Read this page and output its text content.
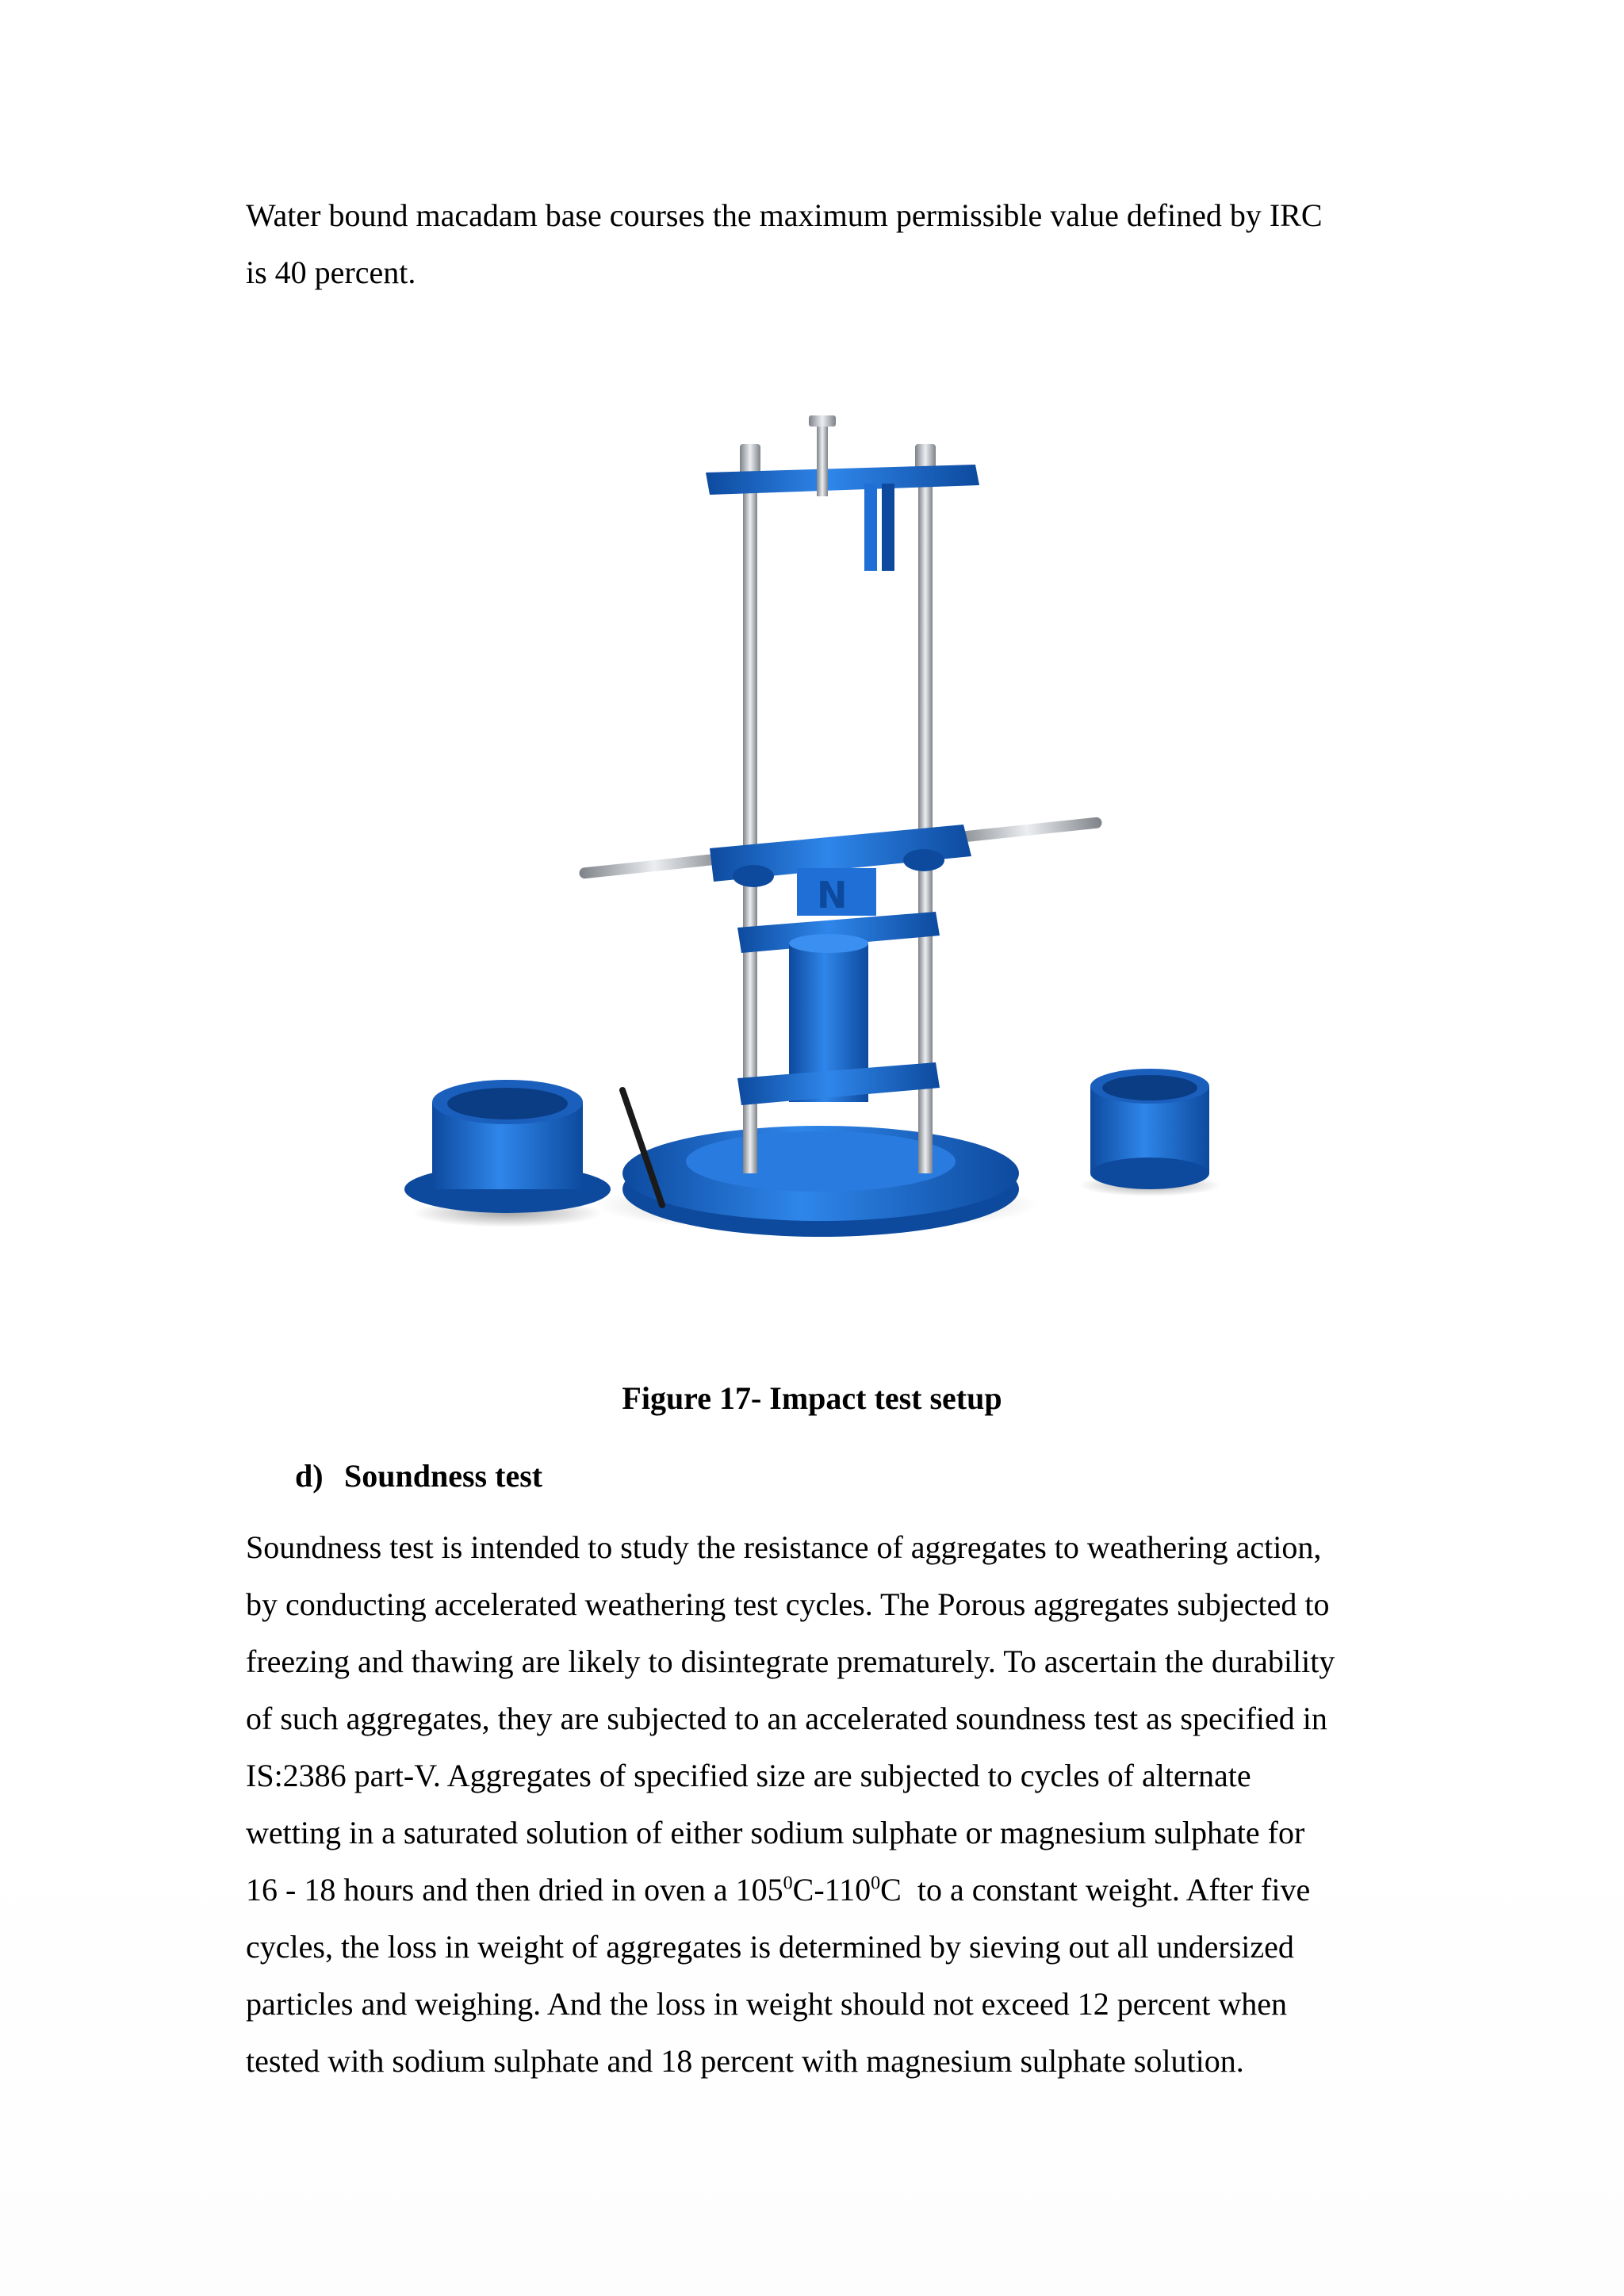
Water bound macadam base courses the maximum permissible value defined by IRC
is 40 percent.
N
Figure 17- Impact test setup
d) Soundness test
Soundness test is intended to study the resistance of aggregates to weathering action,
by conducting accelerated weathering test cycles. The Porous aggregates subjected to
freezing and thawing are likely to disintegrate prematurely. To ascertain the durability
of such aggregates, they are subjected to an accelerated soundness test as specified in
IS:2386 part-V. Aggregates of specified size are subjected to cycles of alternate
wetting in a saturated solution of either sodium sulphate or magnesium sulphate for
16 - 18 hours and then dried in oven a $105^0C-110^0C$  to a constant weight. After five
cycles, the loss in weight of aggregates is determined by sieving out all undersized
particles and weighing. And the loss in weight should not exceed 12 percent when
tested with sodium sulphate and 18 percent with magnesium sulphate solution.
